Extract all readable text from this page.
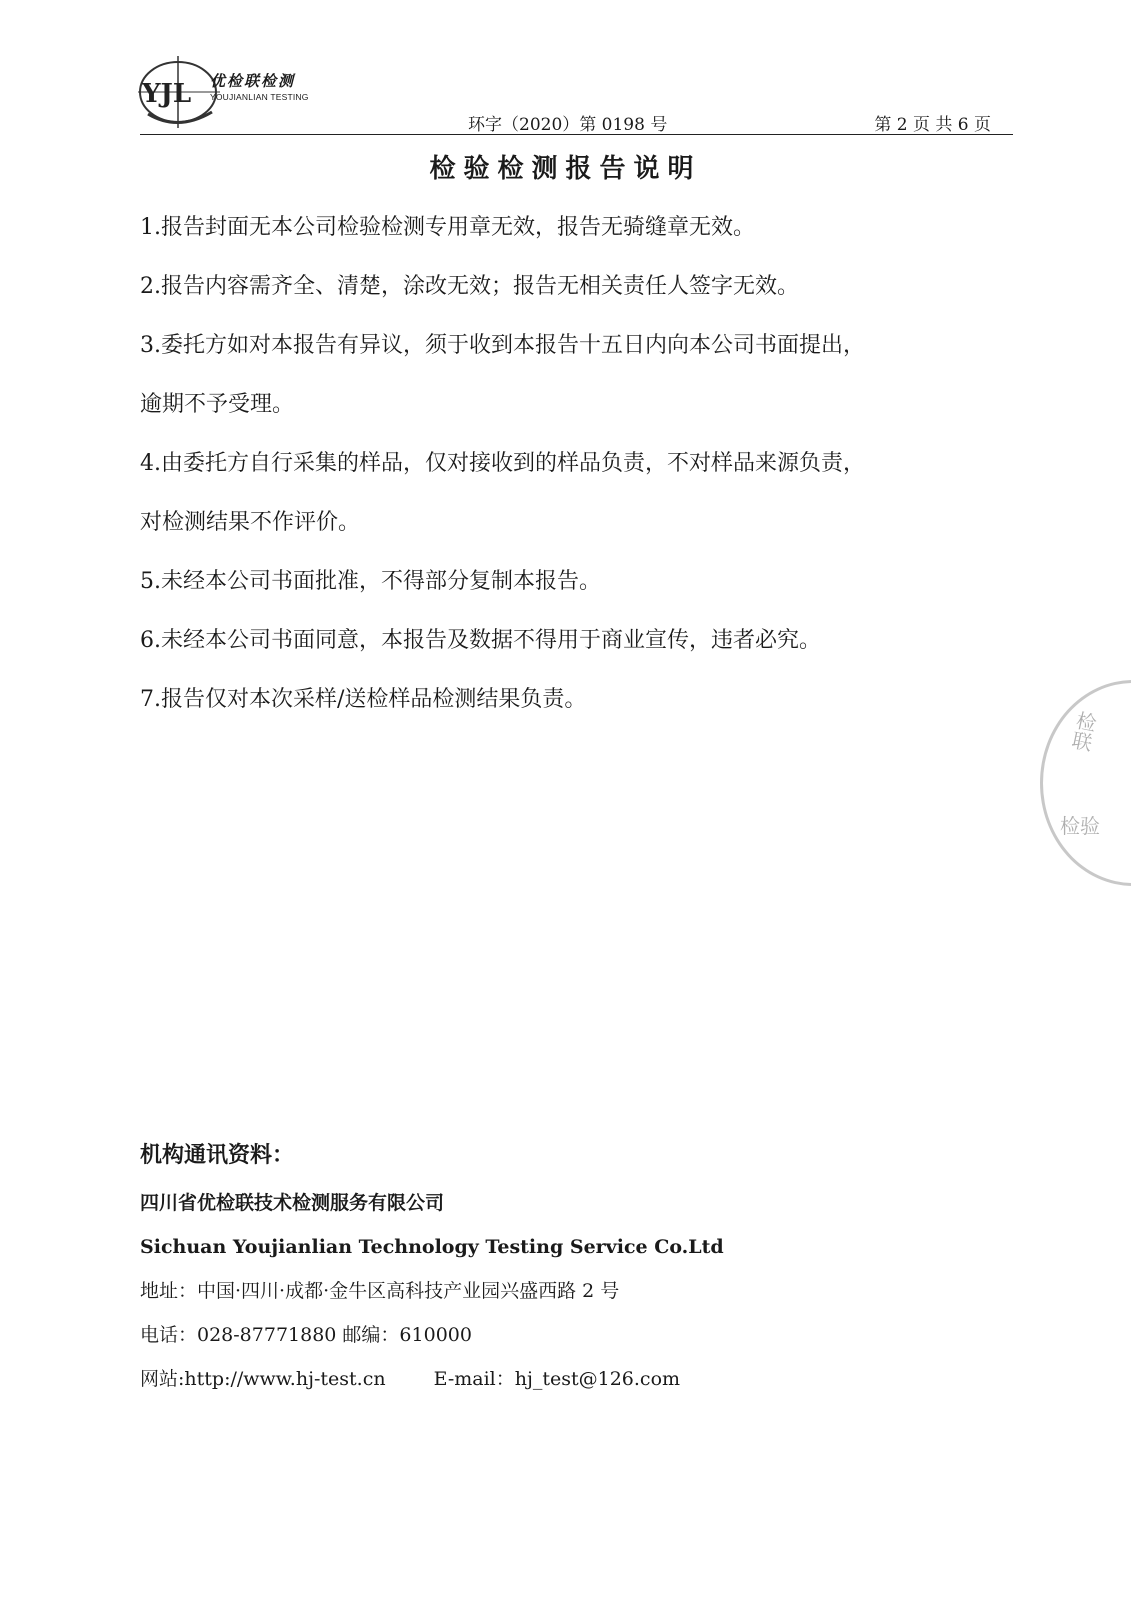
YJL 优检联检测
YOUJIANLIAN TESTING
环字（2020）第 0198 号	第 2 页 共 6 页
检验检测报告说明

1.报告封面无本公司检验检测专用章无效，报告无骑缝章无效。

2.报告内容需齐全、清楚，涂改无效；报告无相关责任人签字无效。

3.委托方如对本报告有异议，须于收到本报告十五日内向本公司书面提出，

逾期不予受理。

4.由委托方自行采集的样品，仅对接收到的样品负责，不对样品来源负责，

对检测结果不作评价。

5.未经本公司书面批准，不得部分复制本报告。

6.未经本公司书面同意，本报告及数据不得用于商业宣传，违者必究。

7.报告仅对本次采样/送检样品检测结果负责。

检联
检验
机构通讯资料：
四川省优检联技术检测服务有限公司
Sichuan Youjianlian Technology Testing Service Co.Ltd
地址：中国·四川·成都·金牛区高科技产业园兴盛西路 2 号
电话：028-87771880 邮编：610000
网站:http://www.hj-test.cn	E-mail：hj_test@126.com
